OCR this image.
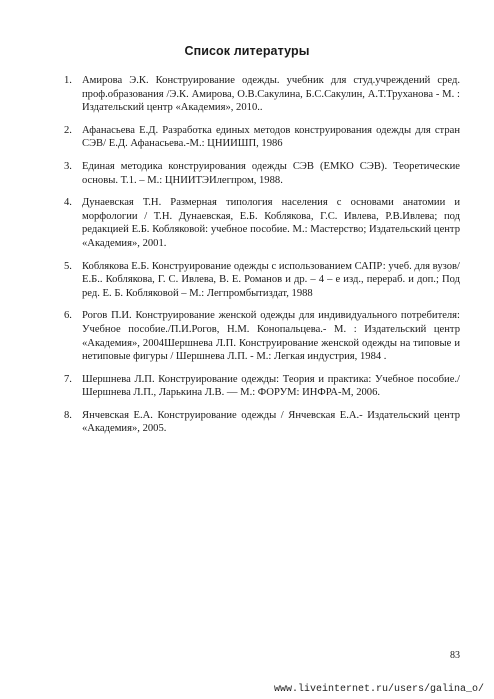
Список литературы
1. Амирова Э.К. Конструирование одежды. учебник для студ.учреждений сред. проф.образования /Э.К. Амирова, О.В.Сакулина, Б.С.Сакулин, А.Т.Труханова - М. : Издательский центр «Академия», 2010..
2. Афанасьева Е.Д. Разработка единых методов конструирования одежды для стран СЭВ/ Е.Д. Афанасьева.-М.: ЦНИИШП, 1986
3. Единая методика конструирования одежды СЭВ (ЕМКО СЭВ). Теоретические основы. Т.1. – М.: ЦНИИТЭИлегпром, 1988.
4. Дунаевская Т.Н. Размерная типология населения с основами анатомии и морфологии / Т.Н. Дунаевская, Е.Б. Коблякова, Г.С. Ивлева, Р.В.Ивлева; под редакцией Е.Б. Кобляковой: учебное пособие. М.: Мастерство; Издательский центр «Академия», 2001.
5. Коблякова Е.Б. Конструирование одежды с использованием САПР: учеб. для вузов/ Е.Б.. Коблякова, Г. С. Ивлева, В. Е. Романов и др. – 4 – е изд., перераб. и доп.; Под ред. Е. Б. Кобляковой – М.: Легпромбытиздат, 1988
6. Рогов П.И. Конструирование женской одежды для индивидуального потребителя: Учебное пособие./П.И.Рогов, Н.М. Конопальцева.- М. : Издательский центр «Академия», 2004Шершнева Л.П. Конструирование женской одежды на типовые и нетиповые фигуры / Шершнева Л.П. - М.: Легкая индустрия, 1984 .
7. Шершнева Л.П. Конструирование одежды: Теория и практика: Учебное пособие./ Шершнева Л.П., Ларькина Л.В. — М.: ФОРУМ: ИНФРА-М, 2006.
8. Янчевская Е.А. Конструирование одежды / Янчевская Е.А.- Издательский центр «Академия», 2005.
83
www.liveinternet.ru/users/galina_o/
